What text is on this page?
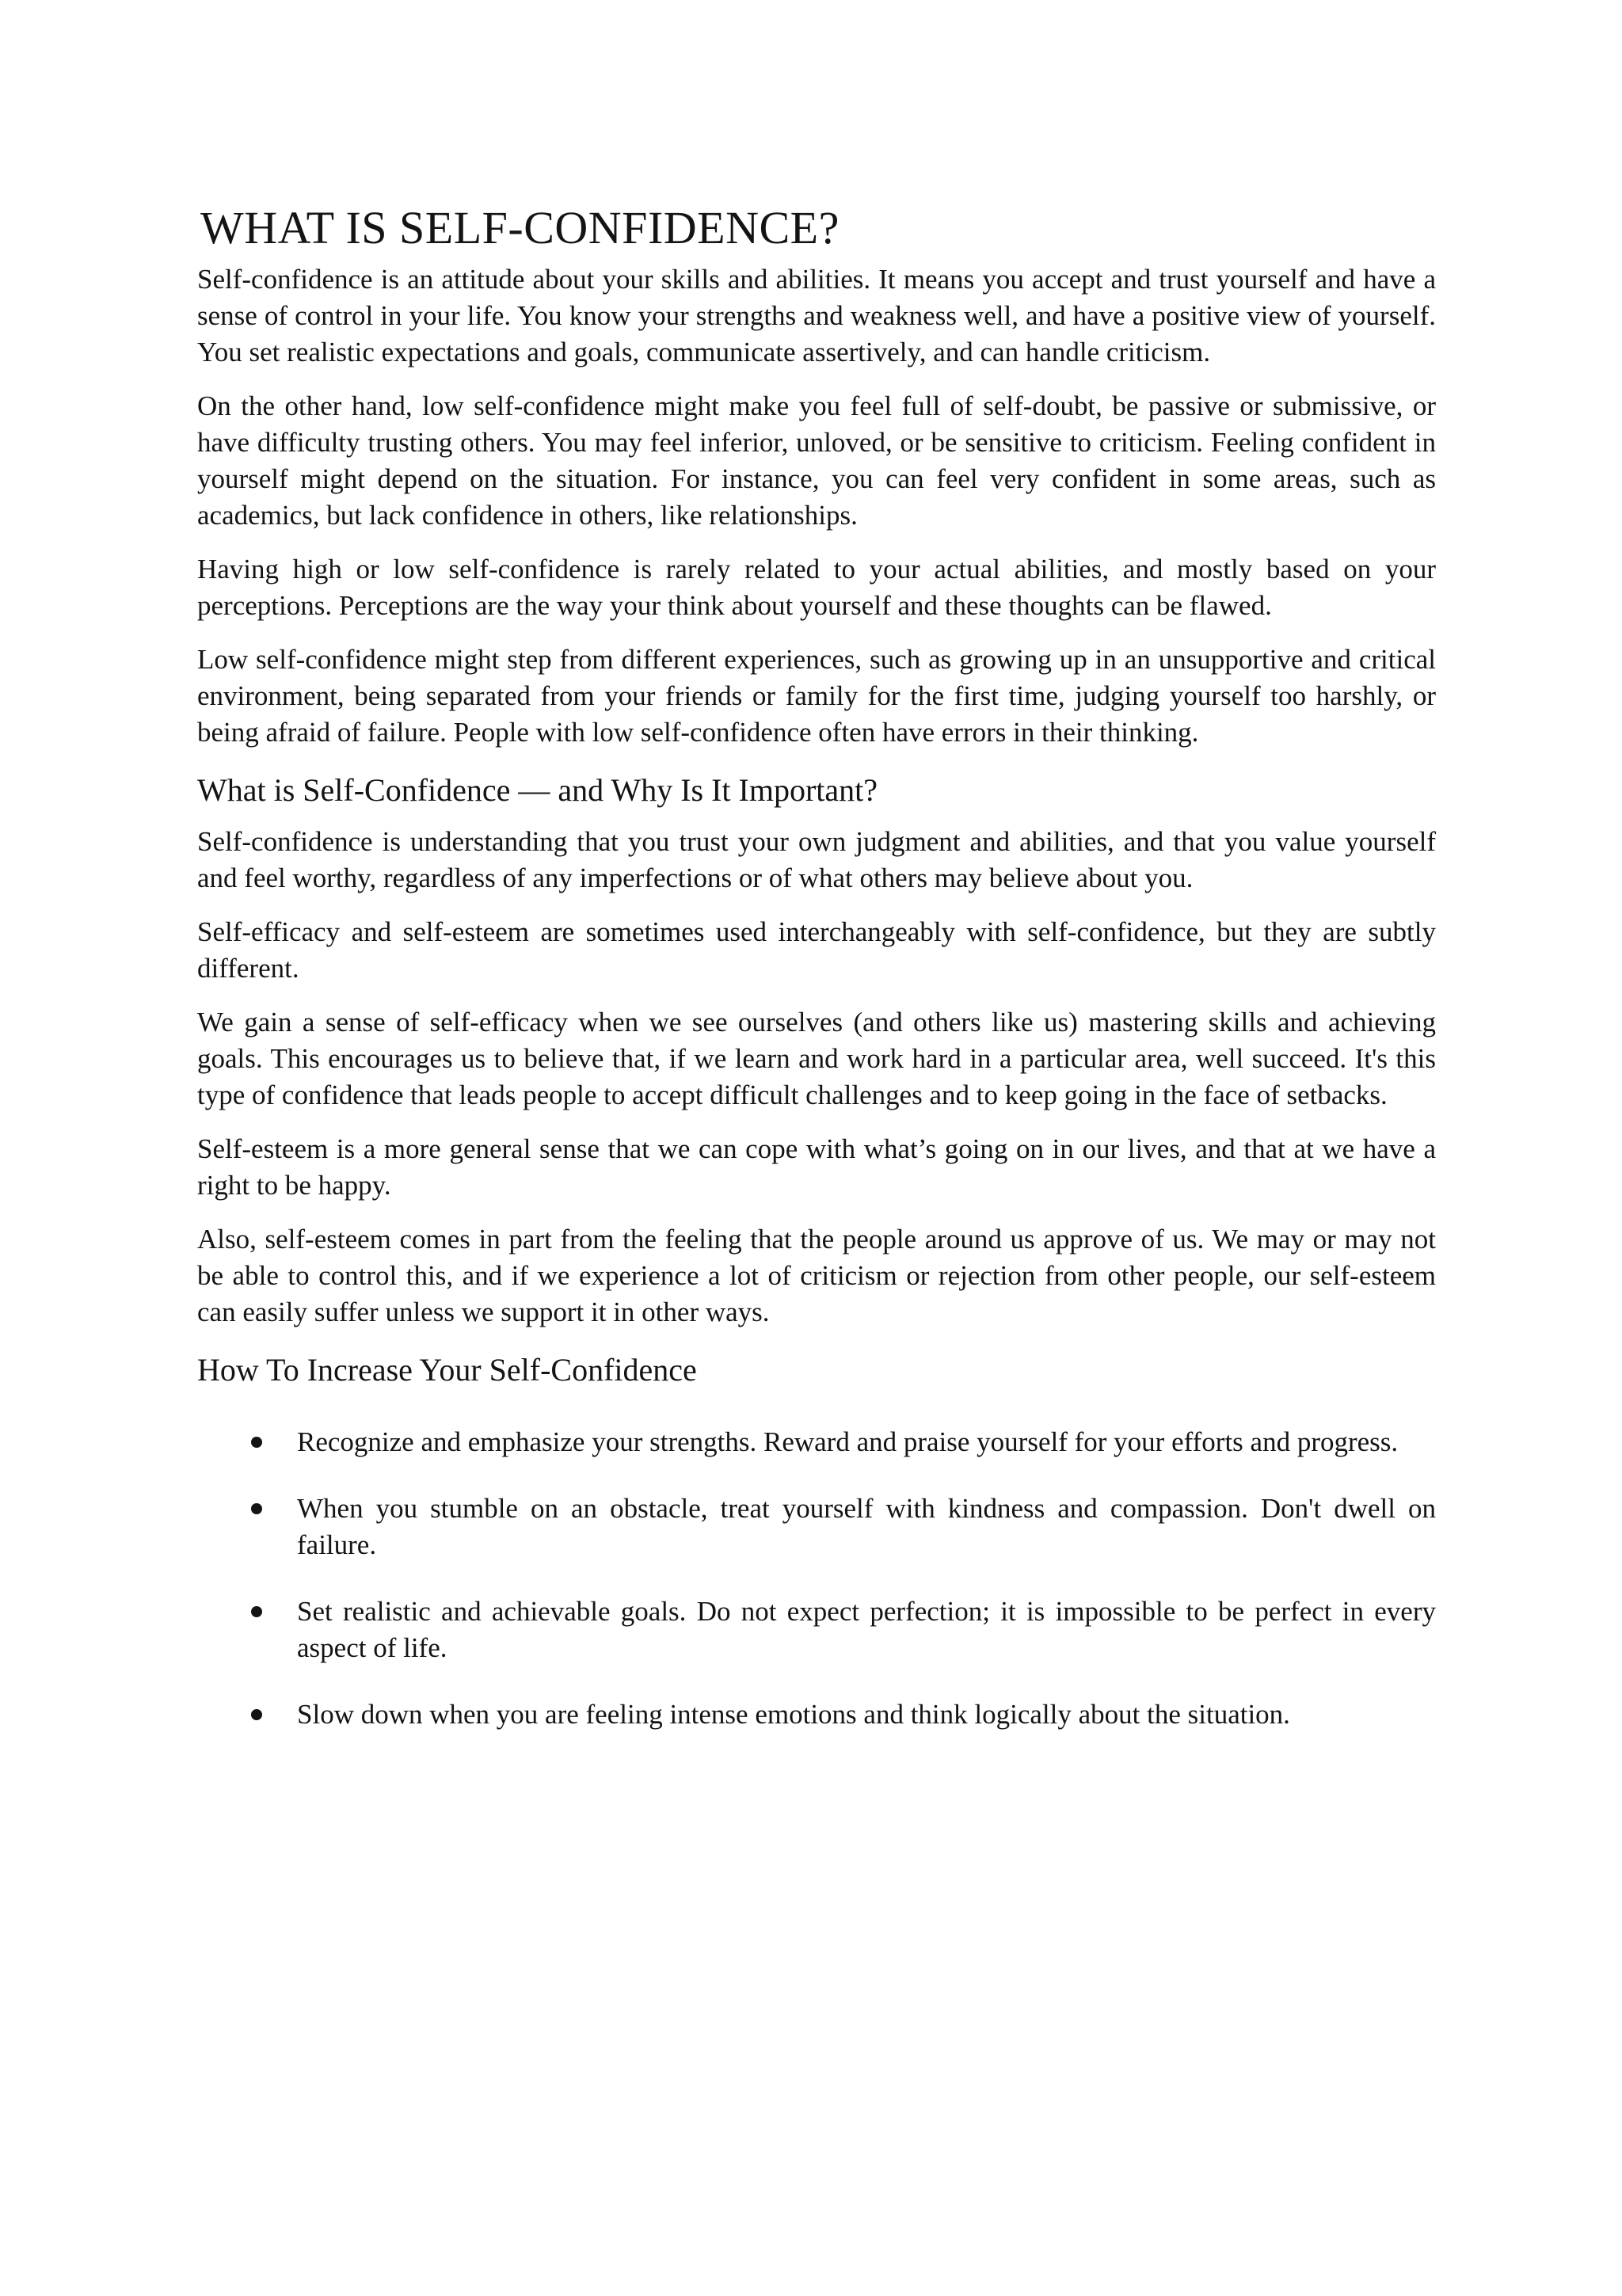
WHAT IS SELF-CONFIDENCE?

Self-confidence is an attitude about your skills and abilities. It means you accept and trust yourself and have a sense of control in your life. You know your strengths and weakness well, and have a positive view of yourself. You set realistic expectations and goals, communicate assertively, and can handle criticism.

On the other hand, low self-confidence might make you feel full of self-doubt, be passive or submissive, or have difficulty trusting others. You may feel inferior, unloved, or be sensitive to criticism. Feeling confident in yourself might depend on the situation. For instance, you can feel very confident in some areas, such as academics, but lack confidence in others, like relationships.

Having high or low self-confidence is rarely related to your actual abilities, and mostly based on your perceptions. Perceptions are the way your think about yourself and these thoughts can be flawed.

Low self-confidence might step from different experiences, such as growing up in an unsupportive and critical environment, being separated from your friends or family for the first time, judging yourself too harshly, or being afraid of failure. People with low self-confidence often have errors in their thinking.

What is Self-Confidence — and Why Is It Important?

Self-confidence is understanding that you trust your own judgment and abilities, and that you value yourself and feel worthy, regardless of any imperfections or of what others may believe about you.

Self-efficacy and self-esteem are sometimes used interchangeably with self-confidence, but they are subtly different.

We gain a sense of self-efficacy when we see ourselves (and others like us) mastering skills and achieving goals. This encourages us to believe that, if we learn and work hard in a particular area, well succeed. It's this type of confidence that leads people to accept difficult challenges and to keep going in the face of setbacks.

Self-esteem is a more general sense that we can cope with what’s going on in our lives, and that at we have a right to be happy.

Also, self-esteem comes in part from the feeling that the people around us approve of us. We may or may not be able to control this, and if we experience a lot of criticism or rejection from other people, our self-esteem can easily suffer unless we support it in other ways.

How To Increase Your Self-Confidence
Recognize and emphasize your strengths. Reward and praise yourself for your efforts and progress.
When you stumble on an obstacle, treat yourself with kindness and compassion. Don't dwell on failure.
Set realistic and achievable goals. Do not expect perfection; it is impossible to be perfect in every aspect of life.
Slow down when you are feeling intense emotions and think logically about the situation.
